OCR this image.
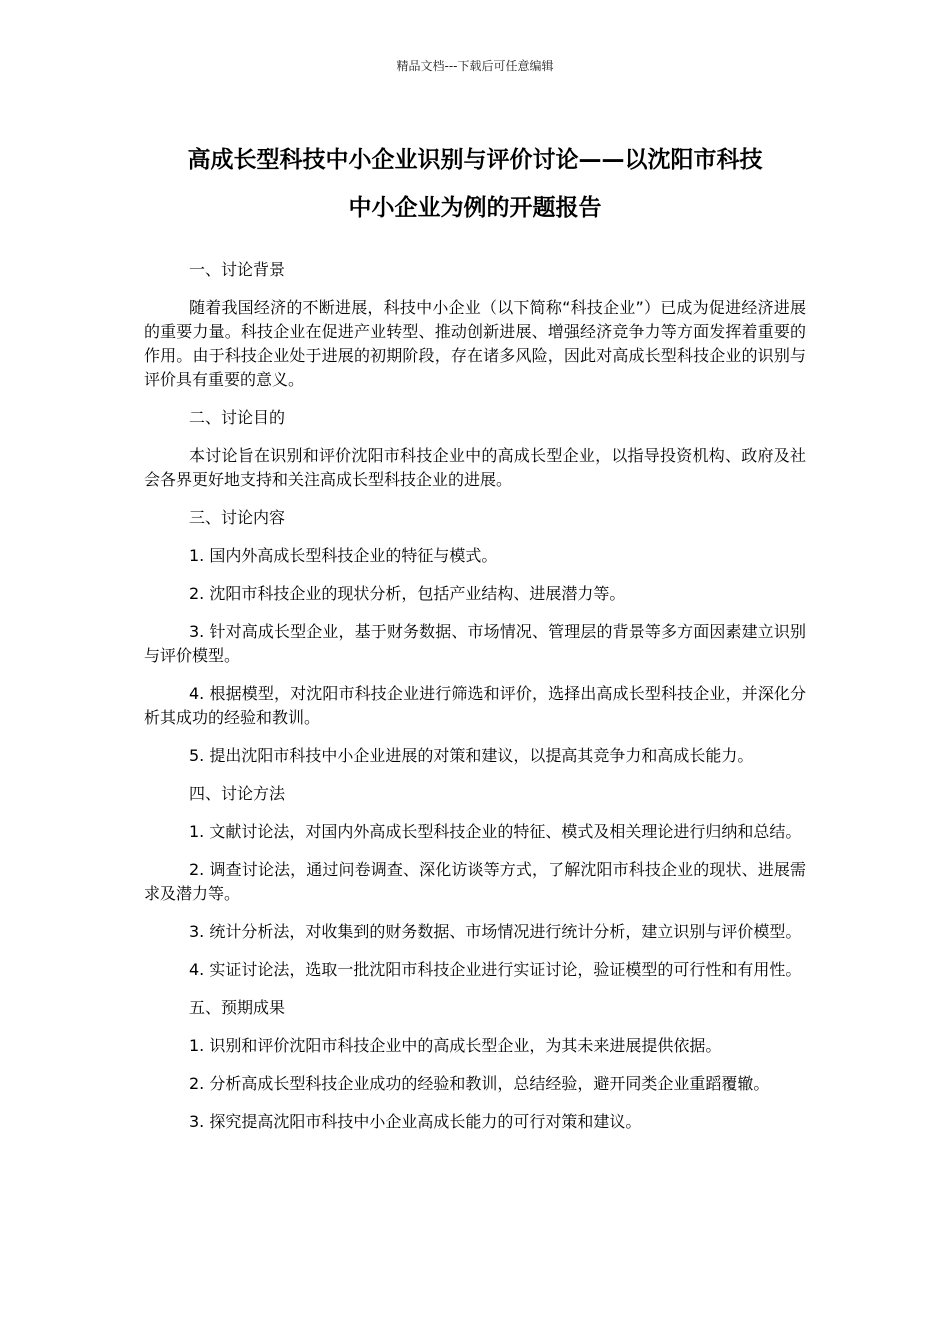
精品文档---下载后可任意编辑
高成长型科技中小企业识别与评价讨论——以沈阳市科技
中小企业为例的开题报告

一、讨论背景

随着我国经济的不断进展，科技中小企业（以下简称“科技企业”）已成为促进经济进展的重要力量。科技企业在促进产业转型、推动创新进展、增强经济竞争力等方面发挥着重要的作用。由于科技企业处于进展的初期阶段，存在诸多风险，因此对高成长型科技企业的识别与评价具有重要的意义。

二、讨论目的

本讨论旨在识别和评价沈阳市科技企业中的高成长型企业，以指导投资机构、政府及社会各界更好地支持和关注高成长型科技企业的进展。

三、讨论内容

1. 国内外高成长型科技企业的特征与模式。

2. 沈阳市科技企业的现状分析，包括产业结构、进展潜力等。

3. 针对高成长型企业，基于财务数据、市场情况、管理层的背景等多方面因素建立识别与评价模型。

4. 根据模型，对沈阳市科技企业进行筛选和评价，选择出高成长型科技企业，并深化分析其成功的经验和教训。

5. 提出沈阳市科技中小企业进展的对策和建议，以提高其竞争力和高成长能力。

四、讨论方法

1. 文献讨论法，对国内外高成长型科技企业的特征、模式及相关理论进行归纳和总结。

2. 调查讨论法，通过问卷调查、深化访谈等方式，了解沈阳市科技企业的现状、进展需求及潜力等。

3. 统计分析法，对收集到的财务数据、市场情况进行统计分析，建立识别与评价模型。

4. 实证讨论法，选取一批沈阳市科技企业进行实证讨论，验证模型的可行性和有用性。

五、预期成果

1. 识别和评价沈阳市科技企业中的高成长型企业，为其未来进展提供依据。

2. 分析高成长型科技企业成功的经验和教训，总结经验，避开同类企业重蹈覆辙。

3. 探究提高沈阳市科技中小企业高成长能力的可行对策和建议。
